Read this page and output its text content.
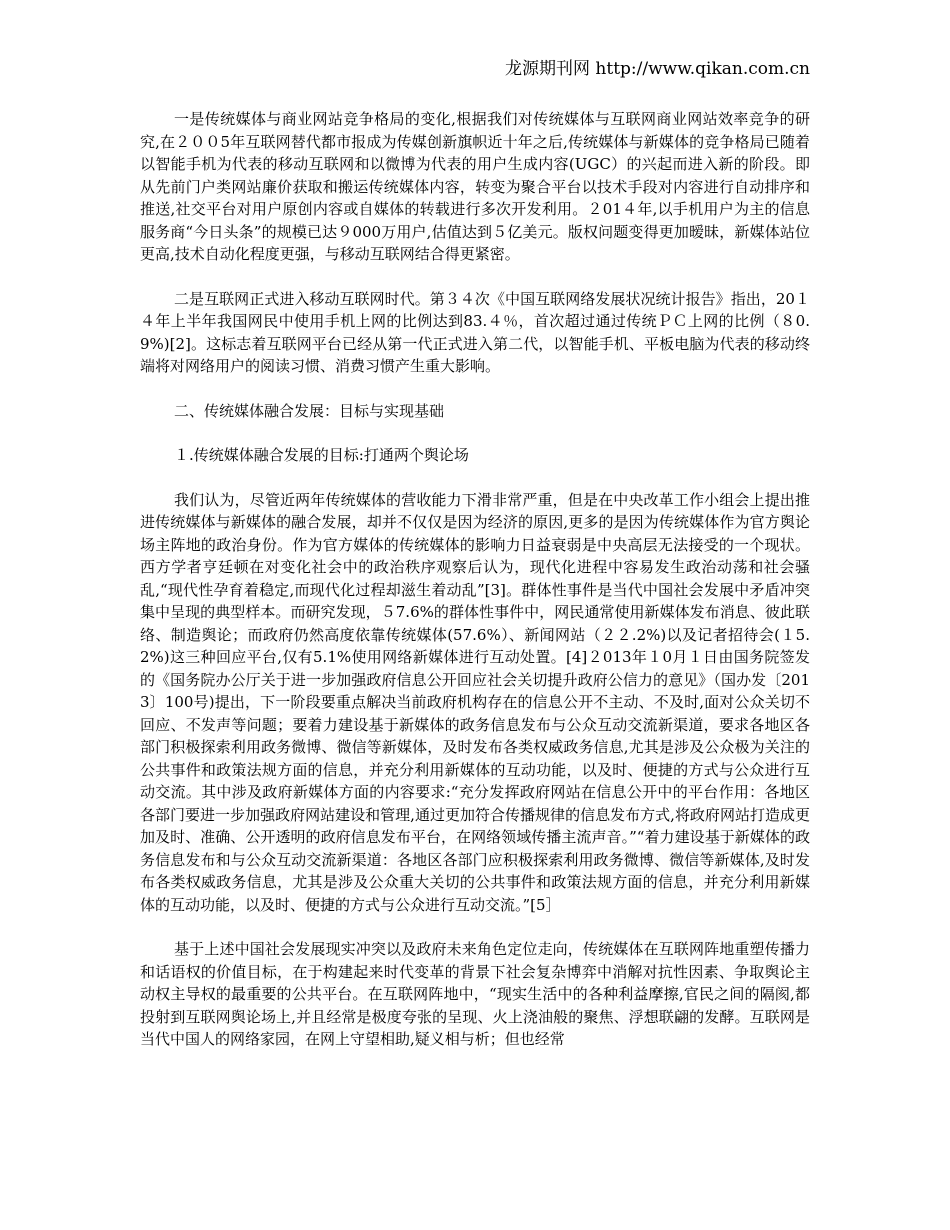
龙源期刊网 http://www.qikan.com.cn

一是传统媒体与商业网站竞争格局的变化,根据我们对传统媒体与互联网商业网站效率竞争的研究,在２００5年互联网替代都市报成为传媒创新旗帜近十年之后,传统媒体与新媒体的竞争格局已随着以智能手机为代表的移动互联网和以微博为代表的用户生成内容(UGC）的兴起而进入新的阶段。即从先前门户类网站廉价获取和搬运传统媒体内容，转变为聚合平台以技术手段对内容进行自动排序和推送,社交平台对用户原创内容或自媒体的转载进行多次开发利用。２01４年,以手机用户为主的信息服务商“今日头条”的规模已达９000万用户,估值达到５亿美元。版权问题变得更加暧昧，新媒体站位更高,技术自动化程度更强，与移动互联网结合得更紧密。

二是互联网正式进入移动互联网时代。第３４次《中国互联网络发展状况统计报告》指出，20１４年上半年我国网民中使用手机上网的比例达到83.４％，首次超过通过传统ＰＣ上网的比例（８0.9%)[2]。这标志着互联网平台已经从第一代正式进入第二代，以智能手机、平板电脑为代表的移动终端将对网络用户的阅读习惯、消费习惯产生重大影响。

二、传统媒体融合发展：目标与实现基础

１.传统媒体融合发展的目标:打通两个舆论场

我们认为，尽管近两年传统媒体的营收能力下滑非常严重，但是在中央改革工作小组会上提出推进传统媒体与新媒体的融合发展，却并不仅仅是因为经济的原因,更多的是因为传统媒体作为官方舆论场主阵地的政治身份。作为官方媒体的传统媒体的影响力日益衰弱是中央高层无法接受的一个现状。西方学者亨廷顿在对变化社会中的政治秩序观察后认为，现代化进程中容易发生政治动荡和社会骚乱,“现代性孕育着稳定,而现代化过程却滋生着动乱”[3]。群体性事件是当代中国社会发展中矛盾冲突集中呈现的典型样本。而研究发现，５7.6%的群体性事件中，网民通常使用新媒体发布消息、彼此联络、制造舆论；而政府仍然高度依靠传统媒体(57.6%）、新闻网站（２２.2%)以及记者招待会(１5.2%)这三种回应平台,仅有5.1%使用网络新媒体进行互动处置。[4]２013年１0月１日由国务院签发的《国务院办公厅关于进一步加强政府信息公开回应社会关切提升政府公信力的意见》（国办发〔2013〕100号)提出，下一阶段要重点解决当前政府机构存在的信息公开不主动、不及时,面对公众关切不回应、不发声等问题；要着力建设基于新媒体的政务信息发布与公众互动交流新渠道，要求各地区各部门积极探索利用政务微博、微信等新媒体，及时发布各类权威政务信息,尤其是涉及公众极为关注的公共事件和政策法规方面的信息，并充分利用新媒体的互动功能，以及时、便捷的方式与公众进行互动交流。其中涉及政府新媒体方面的内容要求:“充分发挥政府网站在信息公开中的平台作用：各地区各部门要进一步加强政府网站建设和管理,通过更加符合传播规律的信息发布方式,将政府网站打造成更加及时、准确、公开透明的政府信息发布平台，在网络领域传播主流声音。”“着力建设基于新媒体的政务信息发布和与公众互动交流新渠道：各地区各部门应积极探索利用政务微博、微信等新媒体,及时发布各类权威政务信息，尤其是涉及公众重大关切的公共事件和政策法规方面的信息，并充分利用新媒体的互动功能，以及时、便捷的方式与公众进行互动交流。”[5］

基于上述中国社会发展现实冲突以及政府未来角色定位走向，传统媒体在互联网阵地重塑传播力和话语权的价值目标，在于构建起来时代变革的背景下社会复杂博弈中消解对抗性因素、争取舆论主动权主导权的最重要的公共平台。在互联网阵地中，“现实生活中的各种利益摩擦,官民之间的隔阂,都投射到互联网舆论场上,并且经常是极度夸张的呈现、火上浇油般的聚焦、浮想联翩的发酵。互联网是当代中国人的网络家园，在网上守望相助,疑义相与析；但也经常
